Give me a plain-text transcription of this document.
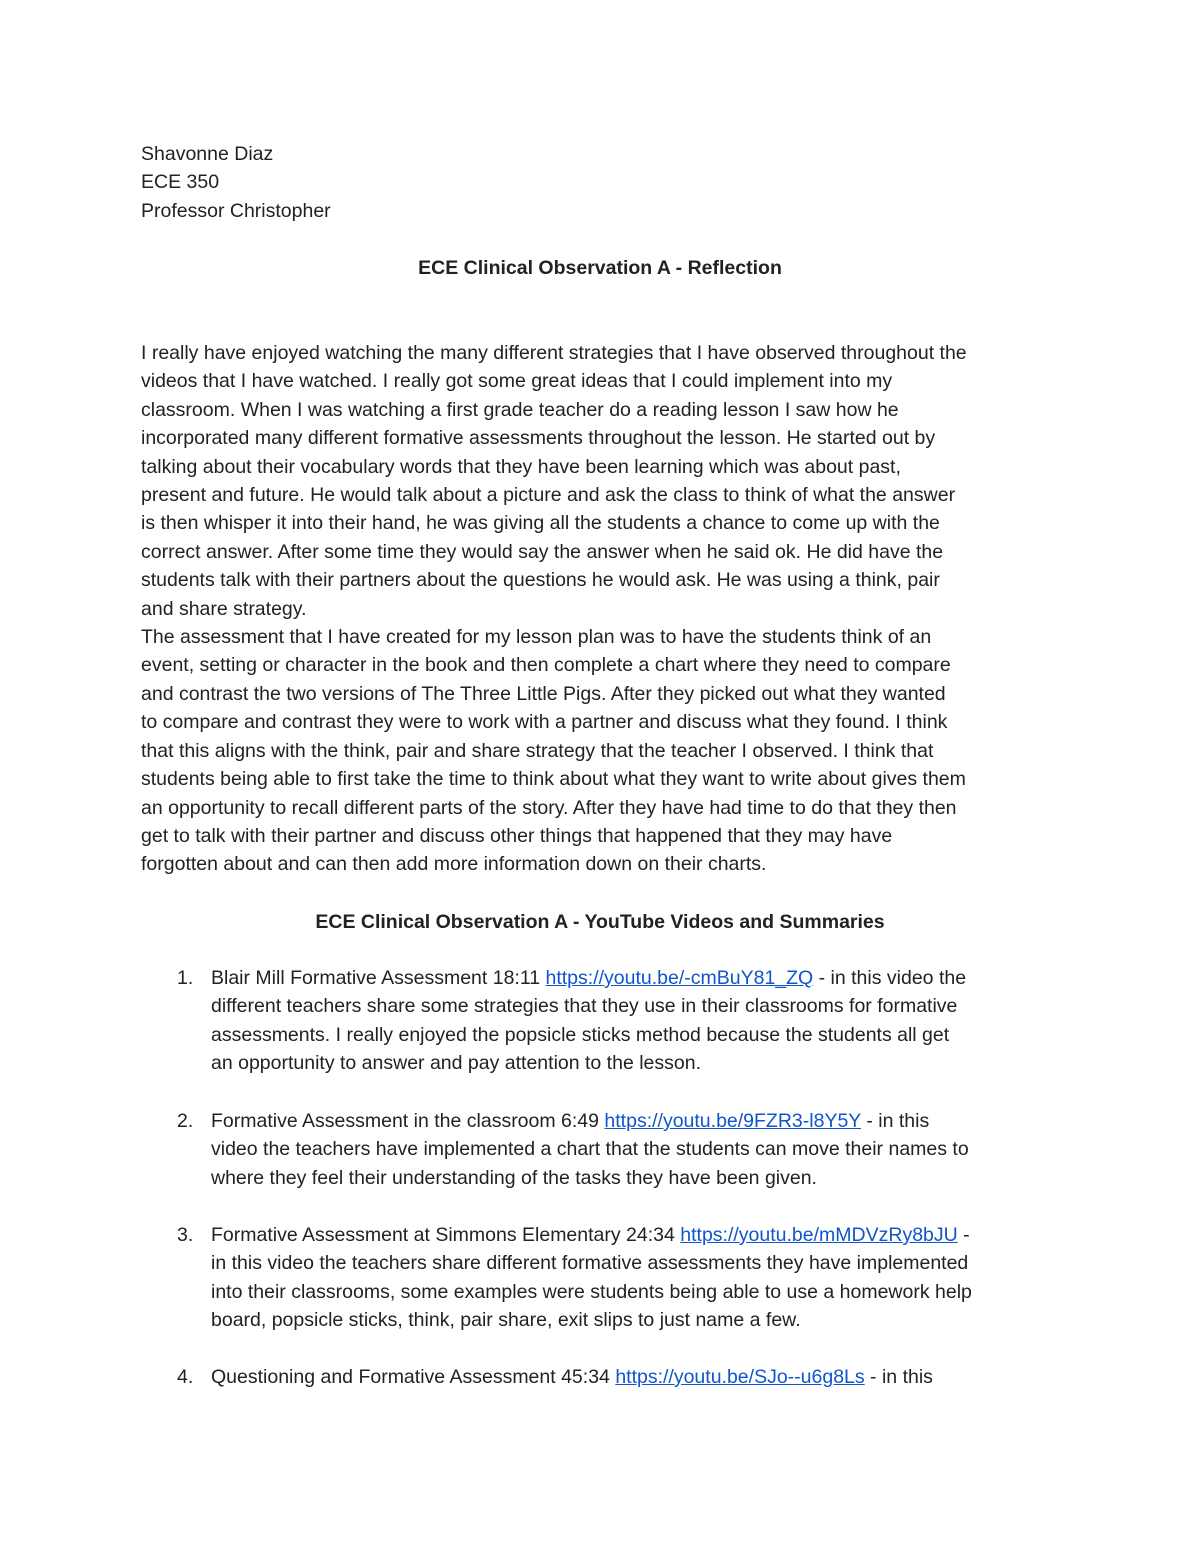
Shavonne Diaz
ECE 350
Professor Christopher
ECE Clinical Observation A - Reflection
I really have enjoyed watching the many different strategies that I have observed throughout the
videos that I have watched. I really got some great ideas that I could implement into my
classroom. When I was watching a first grade teacher do a reading lesson I saw how he
incorporated many different formative assessments throughout the lesson. He started out by
talking about their vocabulary words that they have been learning which was about past,
present and future. He would talk about a picture and ask the class to think of what the answer
is then whisper it into their hand, he was giving all the students a chance to come up with the
correct answer. After some time they would say the answer when he said ok. He did have the
students talk with their partners about the questions he would ask. He was using a think, pair
and share strategy.
The assessment that I have created for my lesson plan was to have the students think of an
event, setting or character in the book and then complete a chart where they need to compare
and contrast the two versions of The Three Little Pigs. After they picked out what they wanted
to compare and contrast they were to work with a partner and discuss what they found. I think
that this aligns with the think, pair and share strategy that the teacher I observed. I think that
students being able to first take the time to think about what they want to write about gives them
an opportunity to recall different parts of the story. After they have had time to do that they then
get to talk with their partner and discuss other things that happened that they may have
forgotten about and can then add more information down on their charts.
ECE Clinical Observation A - YouTube Videos and Summaries
1. Blair Mill Formative Assessment 18:11 https://youtu.be/-cmBuY81_ZQ - in this video the
different teachers share some strategies that they use in their classrooms for formative
assessments. I really enjoyed the popsicle sticks method because the students all get
an opportunity to answer and pay attention to the lesson.
2. Formative Assessment in the classroom 6:49 https://youtu.be/9FZR3-l8Y5Y - in this
video the teachers have implemented a chart that the students can move their names to
where they feel their understanding of the tasks they have been given.
3. Formative Assessment at Simmons Elementary 24:34 https://youtu.be/mMDVzRy8bJU -
in this video the teachers share different formative assessments they have implemented
into their classrooms, some examples were students being able to use a homework help
board, popsicle sticks, think, pair share, exit slips to just name a few.
4. Questioning and Formative Assessment 45:34 https://youtu.be/SJo--u6g8Ls - in this
